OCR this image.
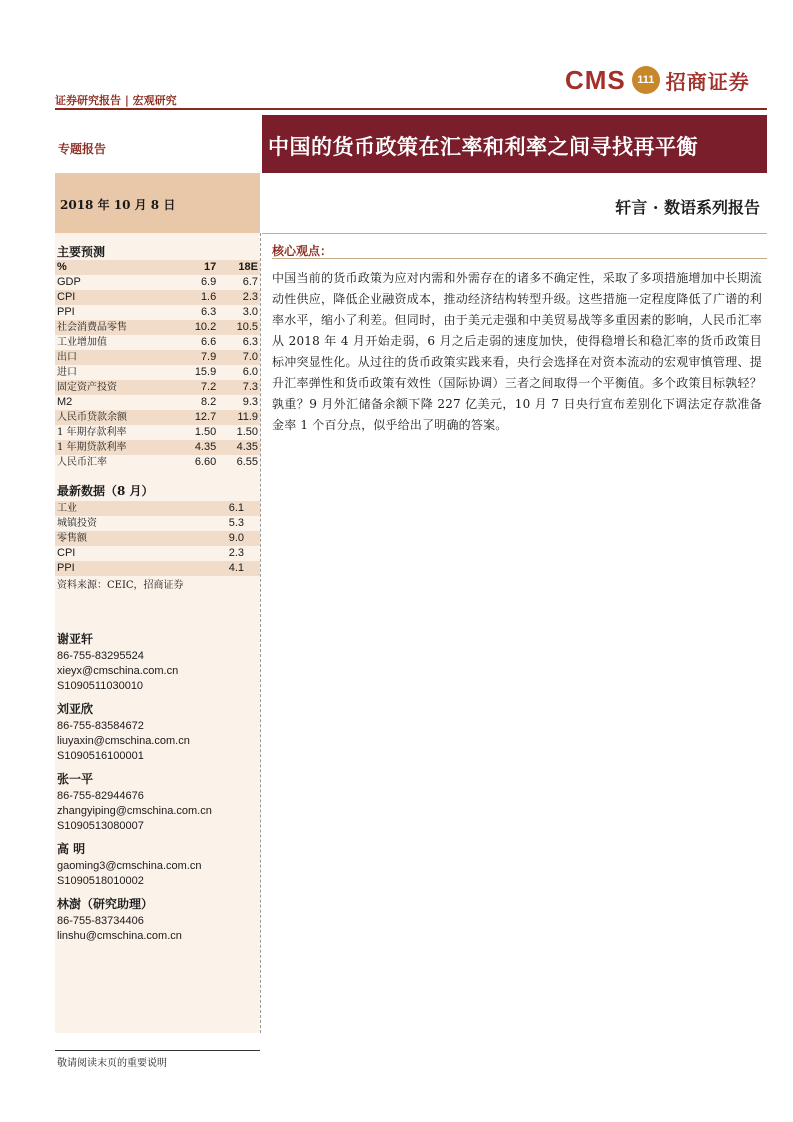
证券研究报告 | 宏观研究
CMS	111 招商证券
专题报告	中国的货币政策在汇率和利率之间寻找再平衡
2018 年 10 月 8 日	轩言 · 数语系列报告
主要预测
%	17	18E
GDP	6.9	6.7
CPI	1.6	2.3
PPI	6.3	3.0
社会消费品零售	10.2	10.5
工业增加值	6.6	6.3
出口	7.9	7.0
进口	15.9	6.0
固定资产投资	7.2	7.3
M2	8.2	9.3
人民币贷款余额	12.7	11.9
1 年期存款利率	1.50	1.50
1 年期贷款利率	4.35	4.35
人民币汇率	6.60	6.55
最新数据（8 月）
工业	6.1
城镇投资	5.3
零售额	9.0
CPI	2.3
PPI	4.1
资料来源：CEIC，招商证券
谢亚轩
86-755-83295524
xieyx@cmschina.com.cn
S1090511030010
刘亚欣
86-755-83584672
liuyaxin@cmschina.com.cn
S1090516100001
张一平
86-755-82944676
zhangyiping@cmschina.com.cn
S1090513080007
高 明
gaoming3@cmschina.com.cn
S1090518010002
林澍（研究助理）
86-755-83734406
linshu@cmschina.com.cn
核心观点：
中国当前的货币政策为应对内需和外需存在的诸多不确定性，采取了多项措施增加中长期流动性供应，降低企业融资成本，推动经济结构转型升级。这些措施一定程度降低了广谱的利率水平，缩小了利差。但同时，由于美元走强和中美贸易战等多重因素的影响，人民币汇率从 2018 年 4 月开始走弱，6 月之后走弱的速度加快，使得稳增长和稳汇率的货币政策目标冲突显性化。从过往的货币政策实践来看，央行会选择在对资本流动的宏观审慎管理、提升汇率弹性和货币政策有效性（国际协调）三者之间取得一个平衡值。多个政策目标孰轻？孰重？9 月外汇储备余额下降 227 亿美元，10 月 7 日央行宣布差别化下调法定存款准备金率 1 个百分点，似乎给出了明确的答案。
敬请阅读末页的重要说明
